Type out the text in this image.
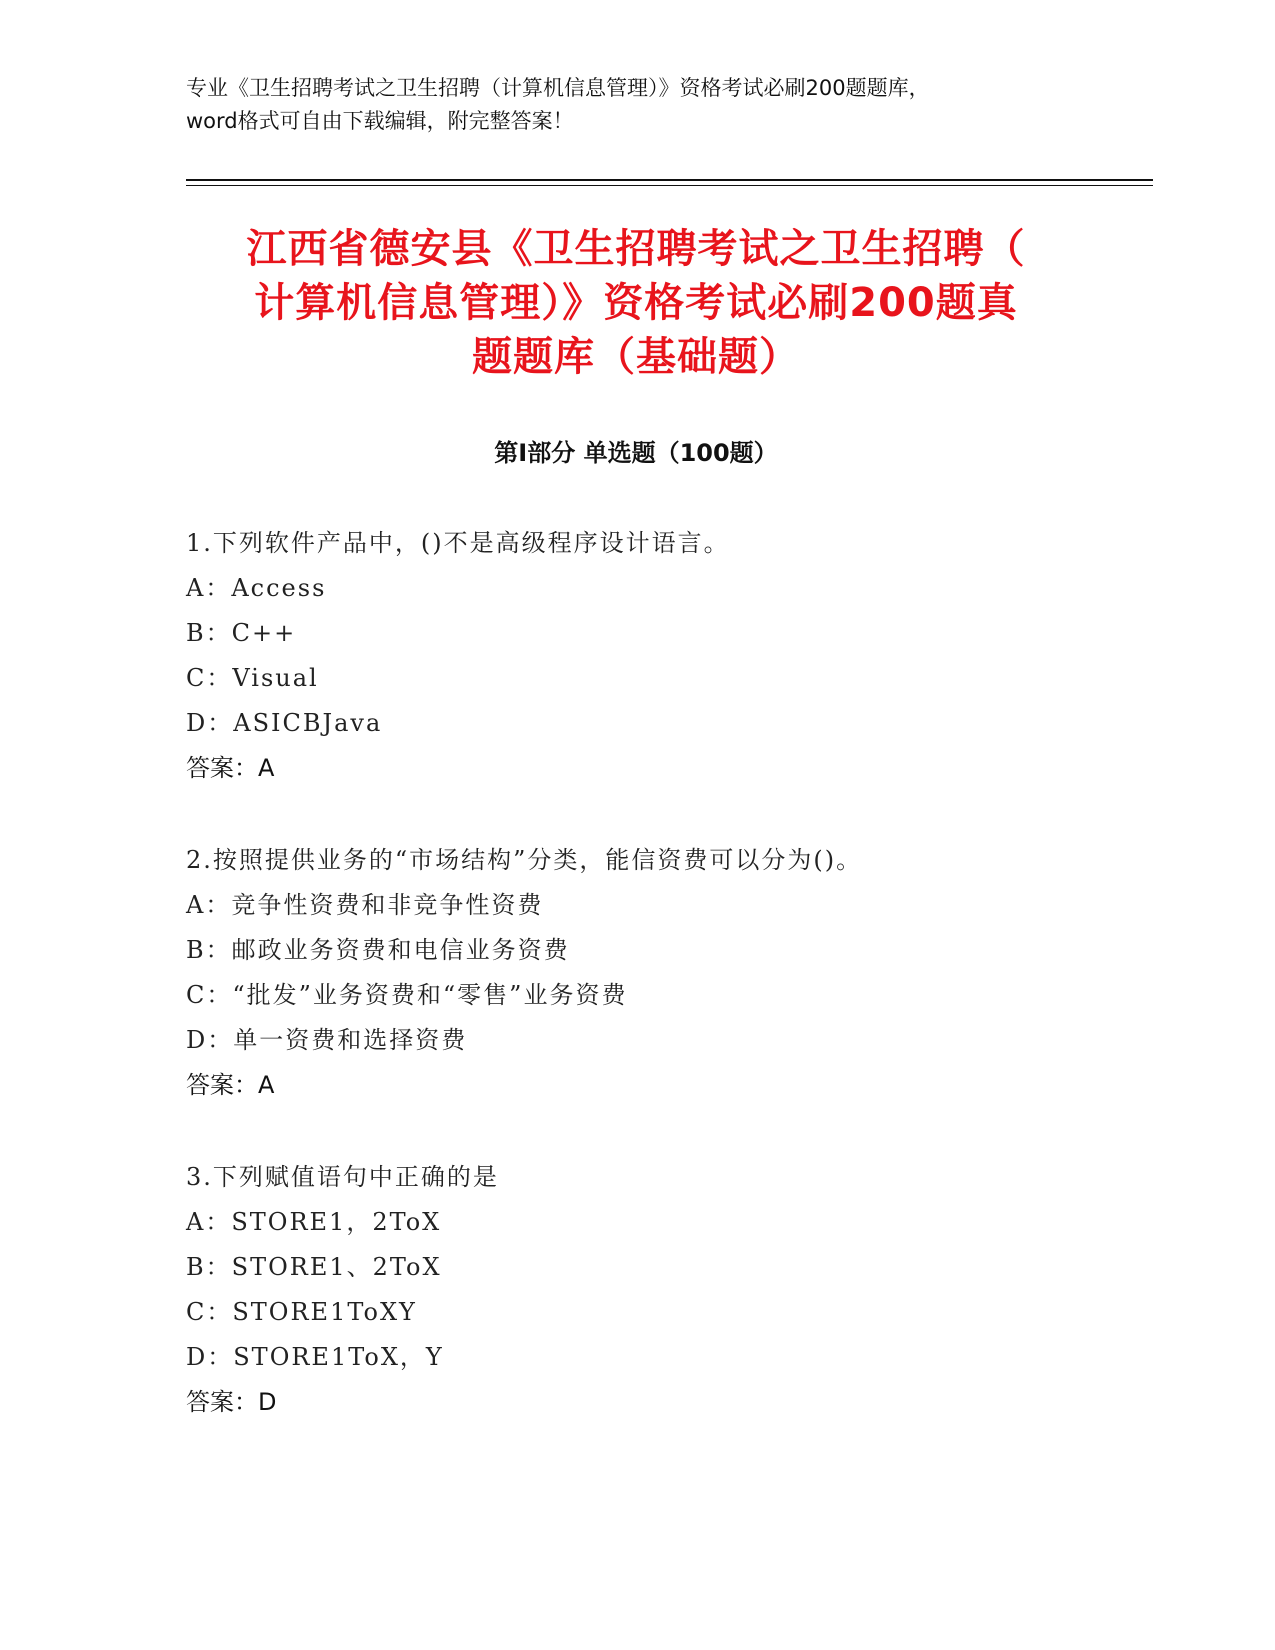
专业《卫生招聘考试之卫生招聘（计算机信息管理）》资格考试必刷200题题库，
word格式可自由下载编辑，附完整答案！
江西省德安县《卫生招聘考试之卫生招聘（
计算机信息管理）》资格考试必刷200题真
题题库（基础题）
第Ⅰ部分 单选题（100题）
1.下列软件产品中，()不是高级程序设计语言。
A：Access
B：C++
C：Visual
D：ASICBJava
答案：A
2.按照提供业务的“市场结构”分类，能信资费可以分为()。
A：竞争性资费和非竞争性资费
B：邮政业务资费和电信业务资费
C：“批发”业务资费和“零售”业务资费
D：单一资费和选择资费
答案：A
3.下列赋值语句中正确的是
A：STORE1，2ToX
B：STORE1、2ToX
C：STORE1ToXY
D：STORE1ToX，Y
答案：D
